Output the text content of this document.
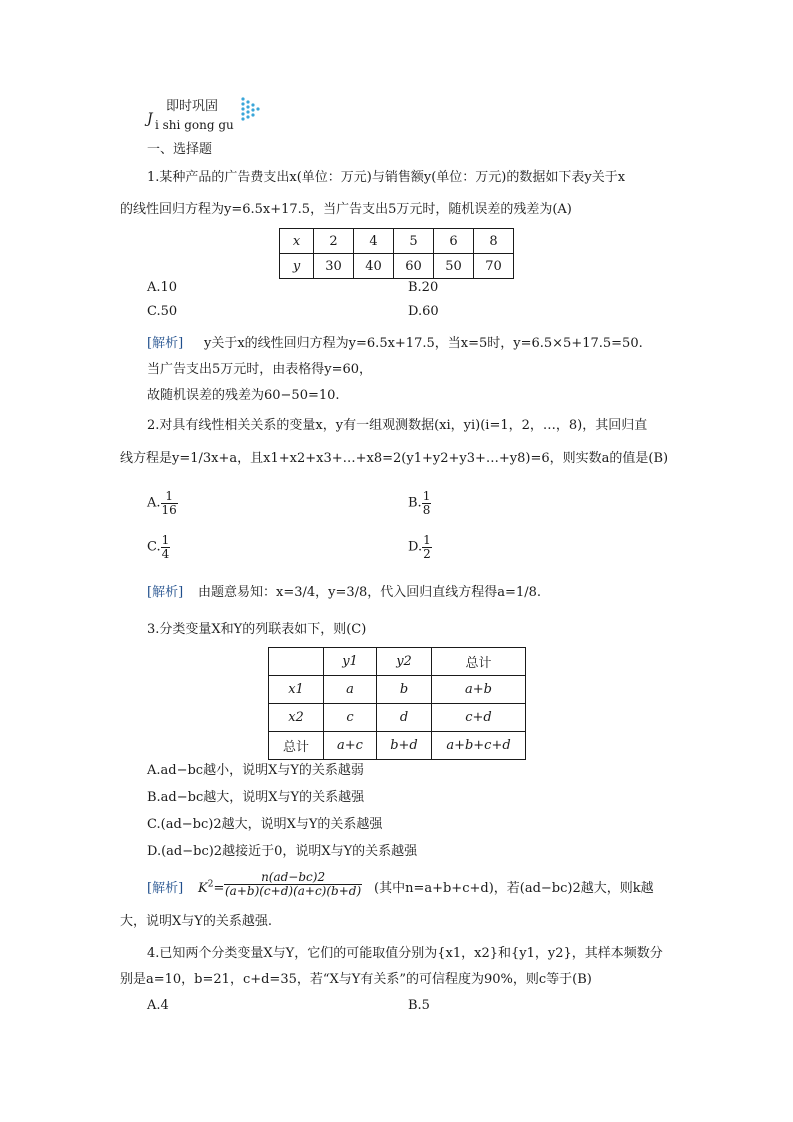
J
即时巩固
i shi gong gu
一、选择题
1.某种产品的广告费支出x(单位：万元)与销售额y(单位：万元)的数据如下表y关于x
的线性回归方程为y=6.5x+17.5，当广告支出5万元时，随机误差的残差为(A)
x	2	4	5	6	8
y	30	40	60	50	70
A.10	B.20
C.50	D.60
[解析] y关于x的线性回归方程为y=6.5x+17.5，当x=5时，y=6.5×5+17.5=50.
当广告支出5万元时，由表格得y=60，
故随机误差的残差为60−50=10.
2.对具有线性相关关系的变量x，y有一组观测数据(xi，yi)(i=1，2，…，8)，其回归直
线方程是y=1/3x+a，且x1+x2+x3+…+x8=2(y1+y2+y3+…+y8)=6，则实数a的值是(B)
A. $\frac{1}{16}$	B. $\frac{1}{8}$
C. $\frac{1}{4}$	D. $\frac{1}{2}$
[解析] 由题意易知：x=3/4，y=3/8，代入回归直线方程得a=1/8.
3.分类变量X和Y的列联表如下，则(C)
	y1	y2	总计
x1	a	b	a+b
x2	c	d	c+d
总计	a+c	b+d	a+b+c+d
A.ad−bc越小，说明X与Y的关系越弱
B.ad−bc越大，说明X与Y的关系越强
C.(ad−bc)2越大，说明X与Y的关系越强
D.(ad−bc)2越接近于0，说明X与Y的关系越强
[解析] $K^2= \frac{n(ad-bc)2}{(a+b)(c+d)(a+c)(b+d)}$ (其中n=a+b+c+d)，若(ad−bc)2越大，则k越
大，说明X与Y的关系越强.
4.已知两个分类变量X与Y，它们的可能取值分别为{x1，x2}和{y1，y2}，其样本频数分
别是a=10，b=21，c+d=35，若“X与Y有关系”的可信程度为90%，则c等于(B)
A.4	B.5
